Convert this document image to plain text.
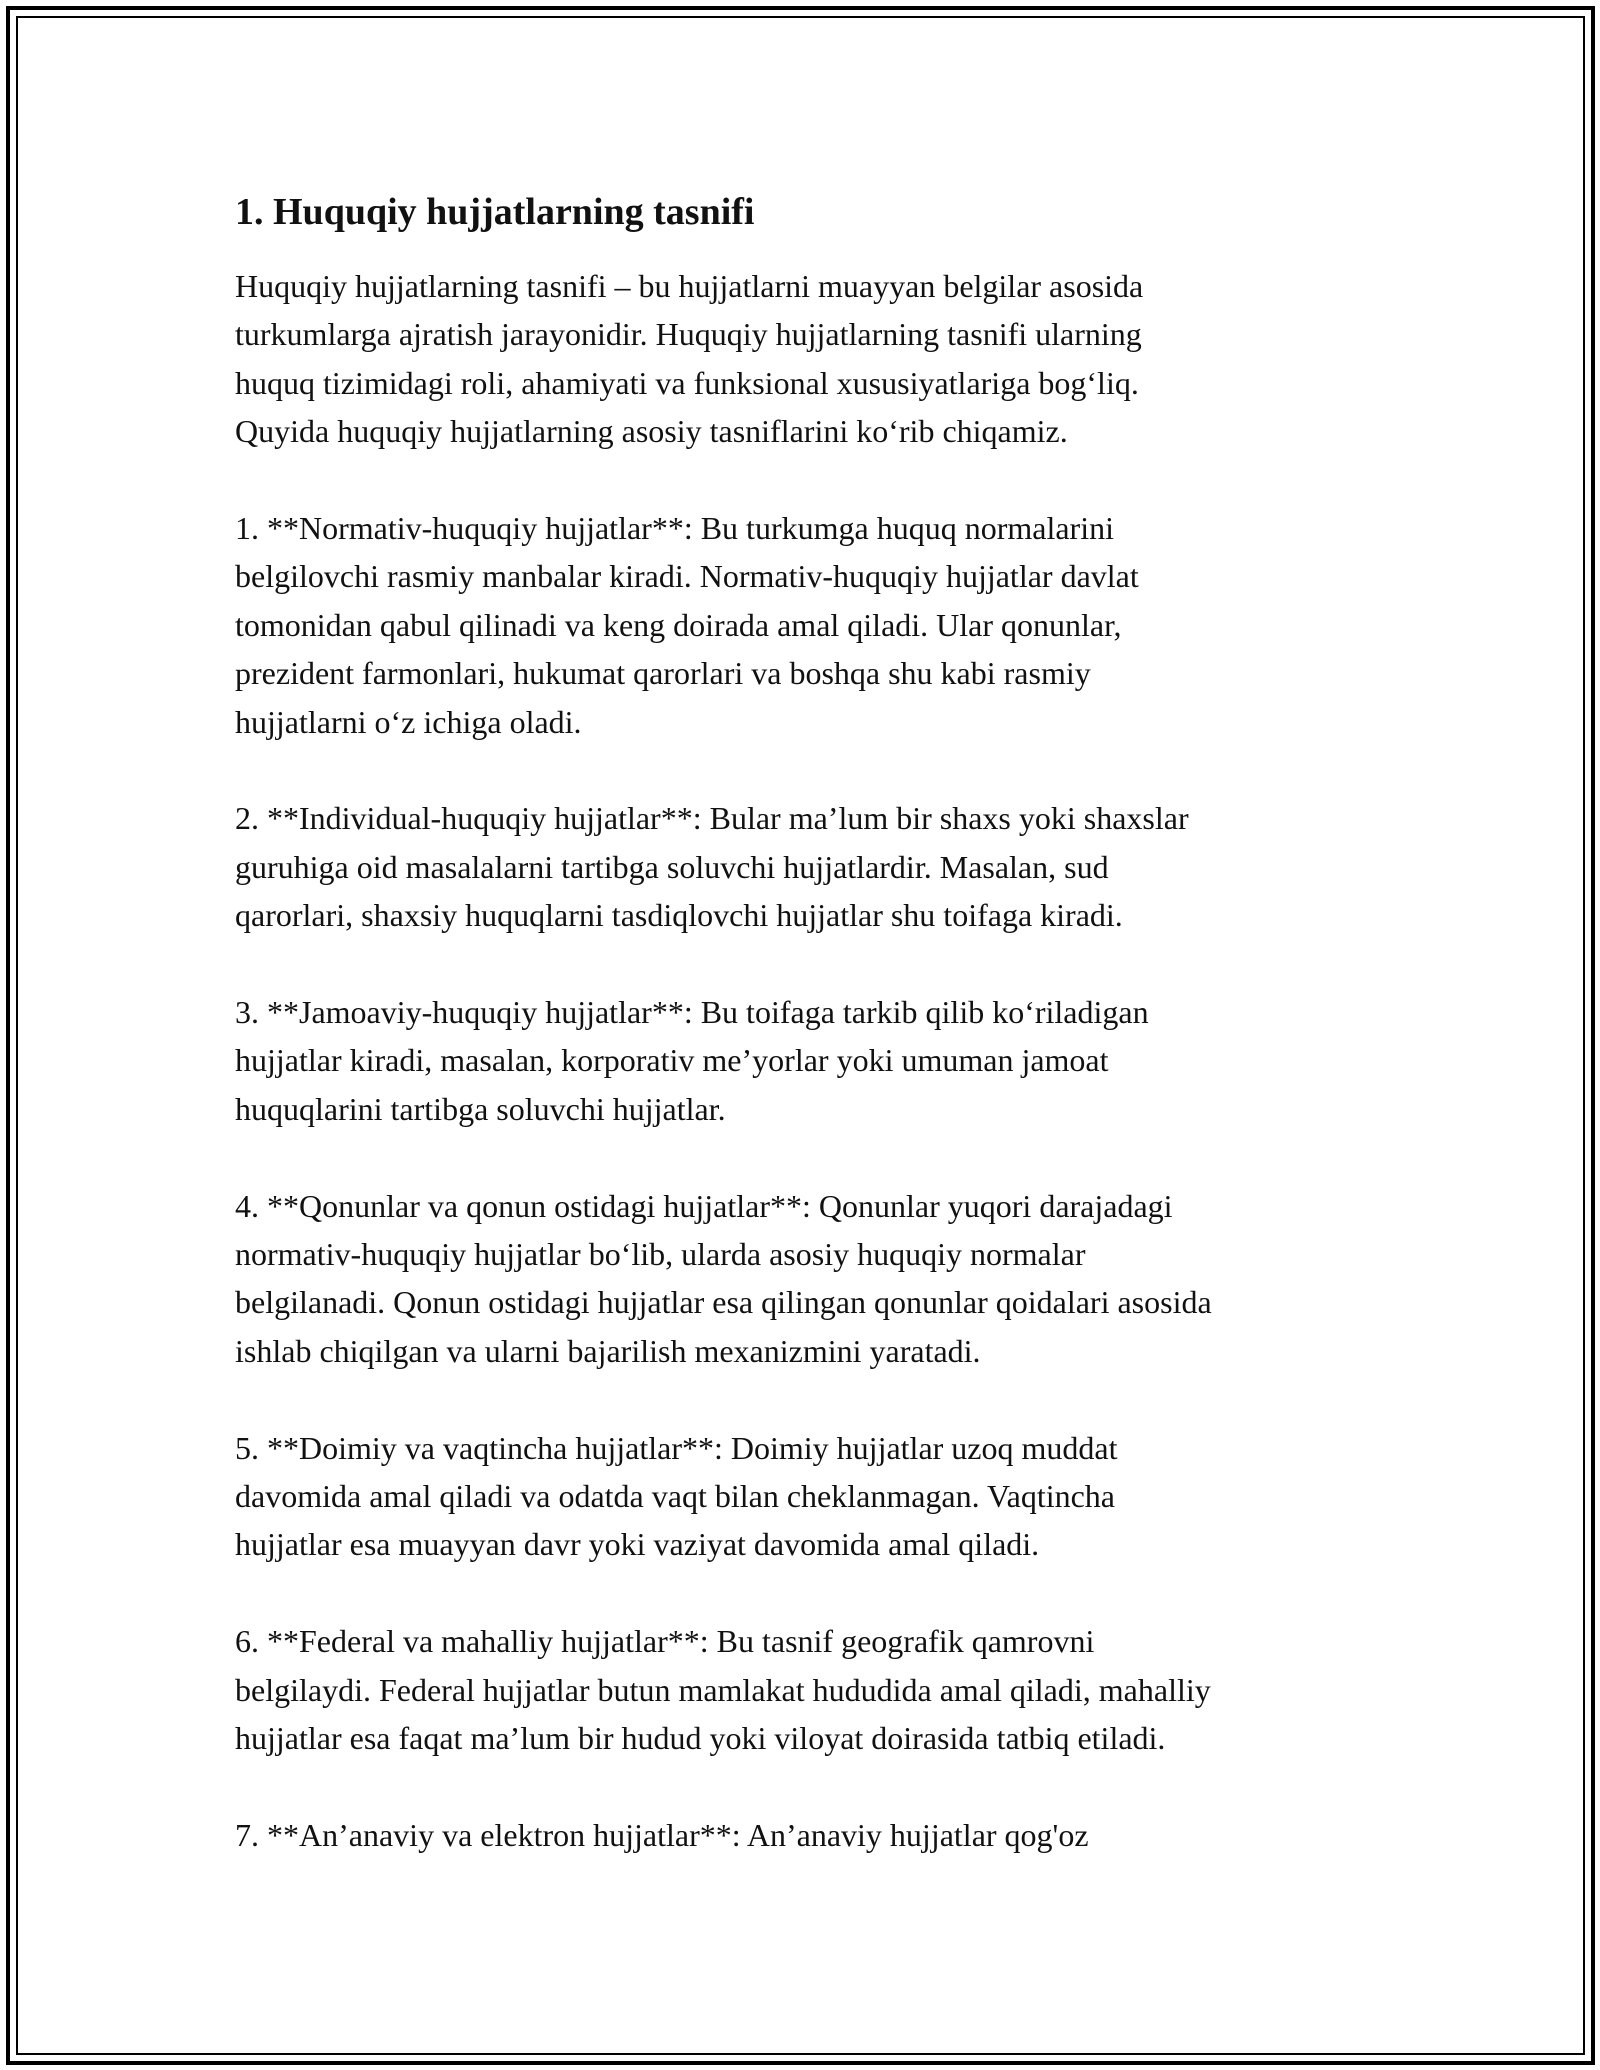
1. Huquqiy hujjatlarning tasnifi

Huquqiy hujjatlarning tasnifi – bu hujjatlarni muayyan belgilar asosida
turkumlarga ajratish jarayonidir. Huquqiy hujjatlarning tasnifi ularning
huquq tizimidagi roli, ahamiyati va funksional xususiyatlariga bog‘liq.
Quyida huquqiy hujjatlarning asosiy tasniflarini ko‘rib chiqamiz.

1. **Normativ-huquqiy hujjatlar**: Bu turkumga huquq normalarini
belgilovchi rasmiy manbalar kiradi. Normativ-huquqiy hujjatlar davlat
tomonidan qabul qilinadi va keng doirada amal qiladi. Ular qonunlar,
prezident farmonlari, hukumat qarorlari va boshqa shu kabi rasmiy
hujjatlarni o‘z ichiga oladi.

2. **Individual-huquqiy hujjatlar**: Bular ma’lum bir shaxs yoki shaxslar
guruhiga oid masalalarni tartibga soluvchi hujjatlardir. Masalan, sud
qarorlari, shaxsiy huquqlarni tasdiqlovchi hujjatlar shu toifaga kiradi.

3. **Jamoaviy-huquqiy hujjatlar**: Bu toifaga tarkib qilib ko‘riladigan
hujjatlar kiradi, masalan, korporativ me’yorlar yoki umuman jamoat
huquqlarini tartibga soluvchi hujjatlar.

4. **Qonunlar va qonun ostidagi hujjatlar**: Qonunlar yuqori darajadagi
normativ-huquqiy hujjatlar bo‘lib, ularda asosiy huquqiy normalar
belgilanadi. Qonun ostidagi hujjatlar esa qilingan qonunlar qoidalari asosida
ishlab chiqilgan va ularni bajarilish mexanizmini yaratadi.

5. **Doimiy va vaqtincha hujjatlar**: Doimiy hujjatlar uzoq muddat
davomida amal qiladi va odatda vaqt bilan cheklanmagan. Vaqtincha
hujjatlar esa muayyan davr yoki vaziyat davomida amal qiladi.

6. **Federal va mahalliy hujjatlar**: Bu tasnif geografik qamrovni
belgilaydi. Federal hujjatlar butun mamlakat hududida amal qiladi, mahalliy
hujjatlar esa faqat ma’lum bir hudud yoki viloyat doirasida tatbiq etiladi.

7. **An’anaviy va elektron hujjatlar**: An’anaviy hujjatlar qog'oz
